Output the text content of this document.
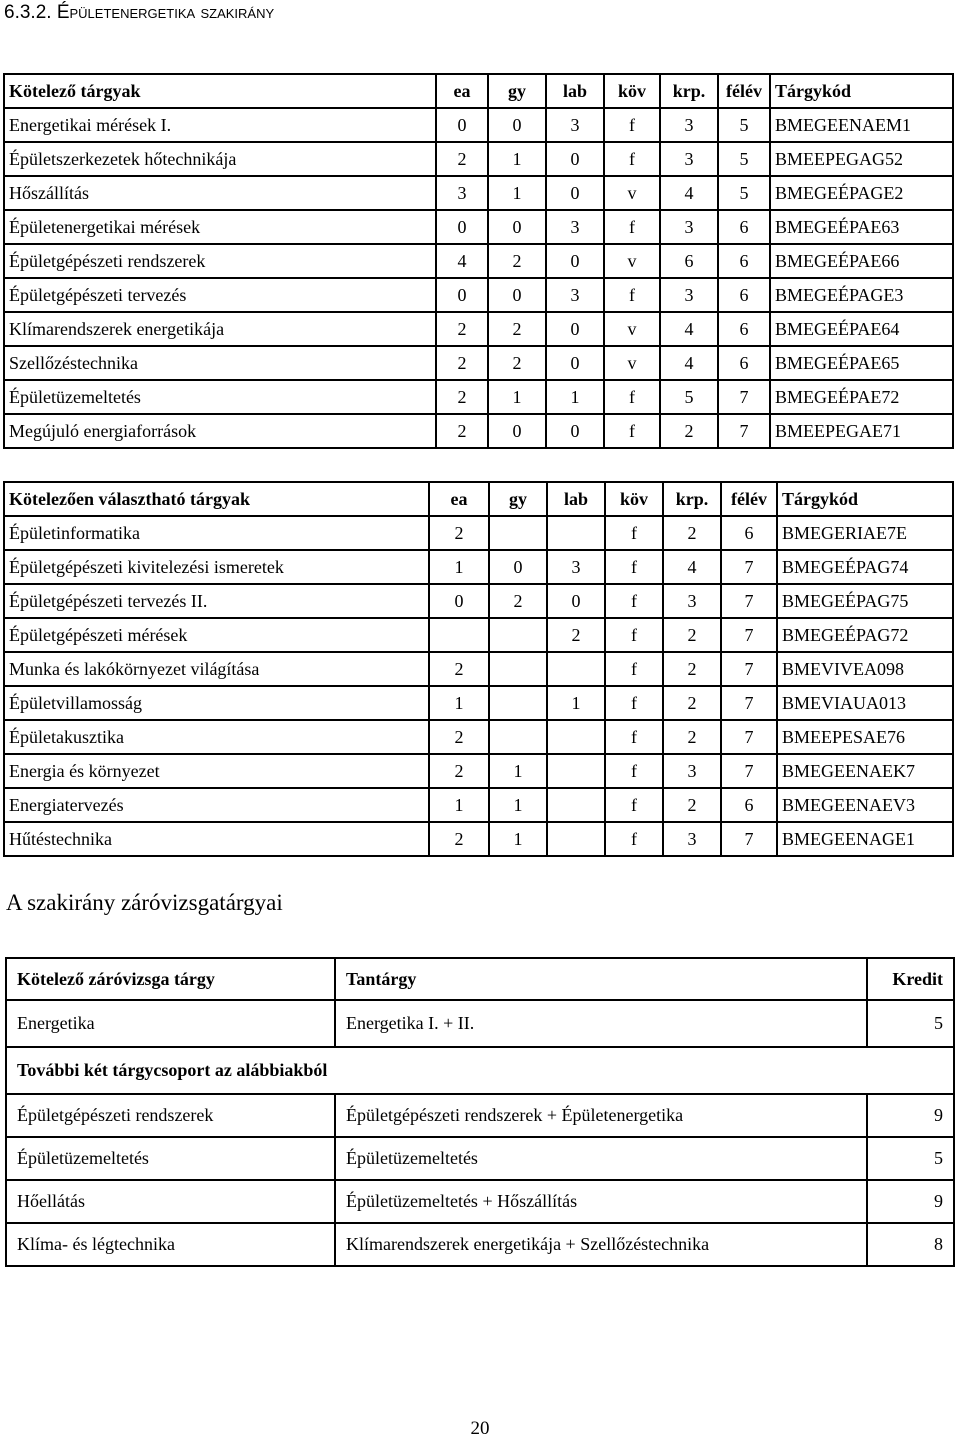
6.3.2. Épületenergetika szakirány
Kötelező tárgyak	ea	gy	lab	köv	krp.	félév	Tárgykód
Energetikai mérések I.	0	0	3	f	3	5	BMEGEENAEM1
Épületszerkezetek hőtechnikája	2	1	0	f	3	5	BMEEPEGAG52
Hőszállítás	3	1	0	v	4	5	BMEGEÉPAGE2
Épületenergetikai mérések	0	0	3	f	3	6	BMEGEÉPAE63
Épületgépészeti rendszerek	4	2	0	v	6	6	BMEGEÉPAE66
Épületgépészeti tervezés	0	0	3	f	3	6	BMEGEÉPAGE3
Klímarendszerek energetikája	2	2	0	v	4	6	BMEGEÉPAE64
Szellőzéstechnika	2	2	0	v	4	6	BMEGEÉPAE65
Épületüzemeltetés	2	1	1	f	5	7	BMEGEÉPAE72
Megújuló energiaforrások	2	0	0	f	2	7	BMEEPEGAE71
Kötelezően választható tárgyak	ea	gy	lab	köv	krp.	félév	Tárgykód
Épületinformatika	2			f	2	6	BMEGERIAE7E
Épületgépészeti kivitelezési ismeretek	1	0	3	f	4	7	BMEGEÉPAG74
Épületgépészeti tervezés II.	0	2	0	f	3	7	BMEGEÉPAG75
Épületgépészeti mérések			2	f	2	7	BMEGEÉPAG72
Munka és lakókörnyezet világítása	2			f	2	7	BMEVIVEA098
Épületvillamosság	1		1	f	2	7	BMEVIAUA013
Épületakusztika	2			f	2	7	BMEEPESAE76
Energia és környezet	2	1		f	3	7	BMEGEENAEK7
Energiatervezés	1	1		f	2	6	BMEGEENAEV3
Hűtéstechnika	2	1		f	3	7	BMEGEENAGE1
A szakirány záróvizsgatárgyai
Kötelező záróvizsga tárgy	Tantárgy	Kredit
Energetika	Energetika I. + II.	5
További két tárgycsoport az alábbiakból		
Épületgépészeti rendszerek	Épületgépészeti rendszerek + Épületenergetika	9
Épületüzemeltetés	Épületüzemeltetés	5
Hőellátás	Épületüzemeltetés + Hőszállítás	9
Klíma- és légtechnika	Klímarendszerek energetikája + Szellőzéstechnika	8
20
